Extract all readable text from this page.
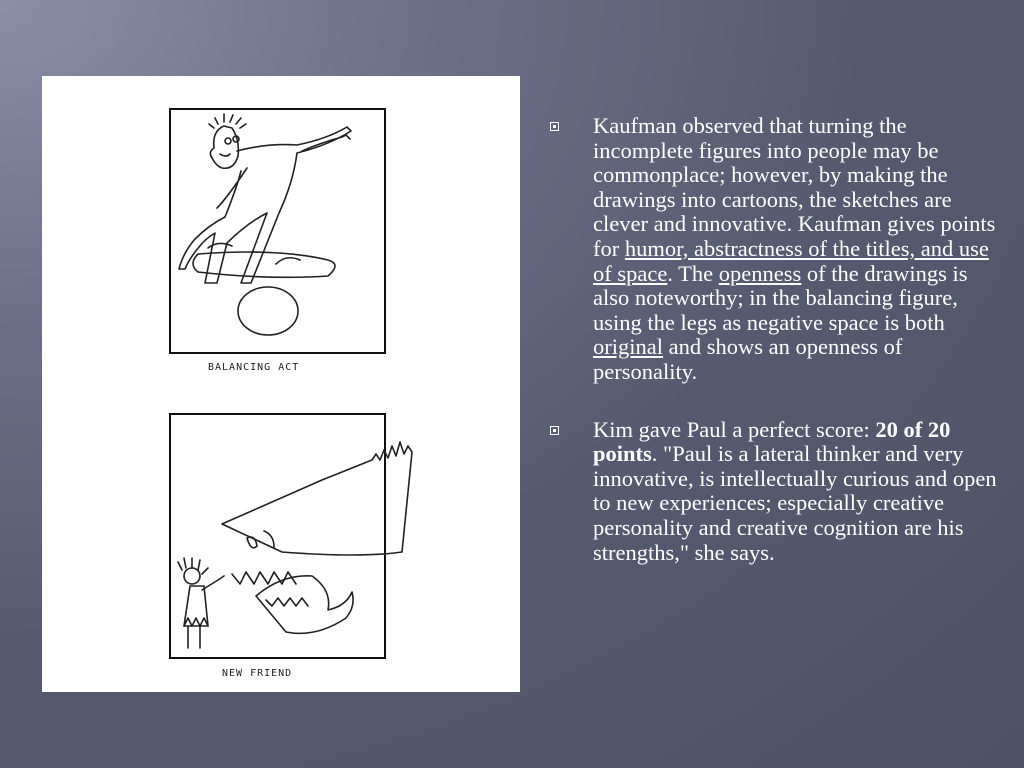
BALANCING ACT
NEW FRIEND
Kaufman observed that turning the incomplete figures into people may be commonplace; however, by making the drawings into cartoons, the sketches are clever and innovative. Kaufman gives points for humor, abstractness of the titles, and use of space. The openness of the drawings is also noteworthy; in the balancing figure, using the legs as negative space is both original and shows an openness of personality.
Kim gave Paul a perfect score: 20 of 20 points. "Paul is a lateral thinker and very innovative, is intellectually curious and open to new experiences; especially creative personality and creative cognition are his strengths," she says.
